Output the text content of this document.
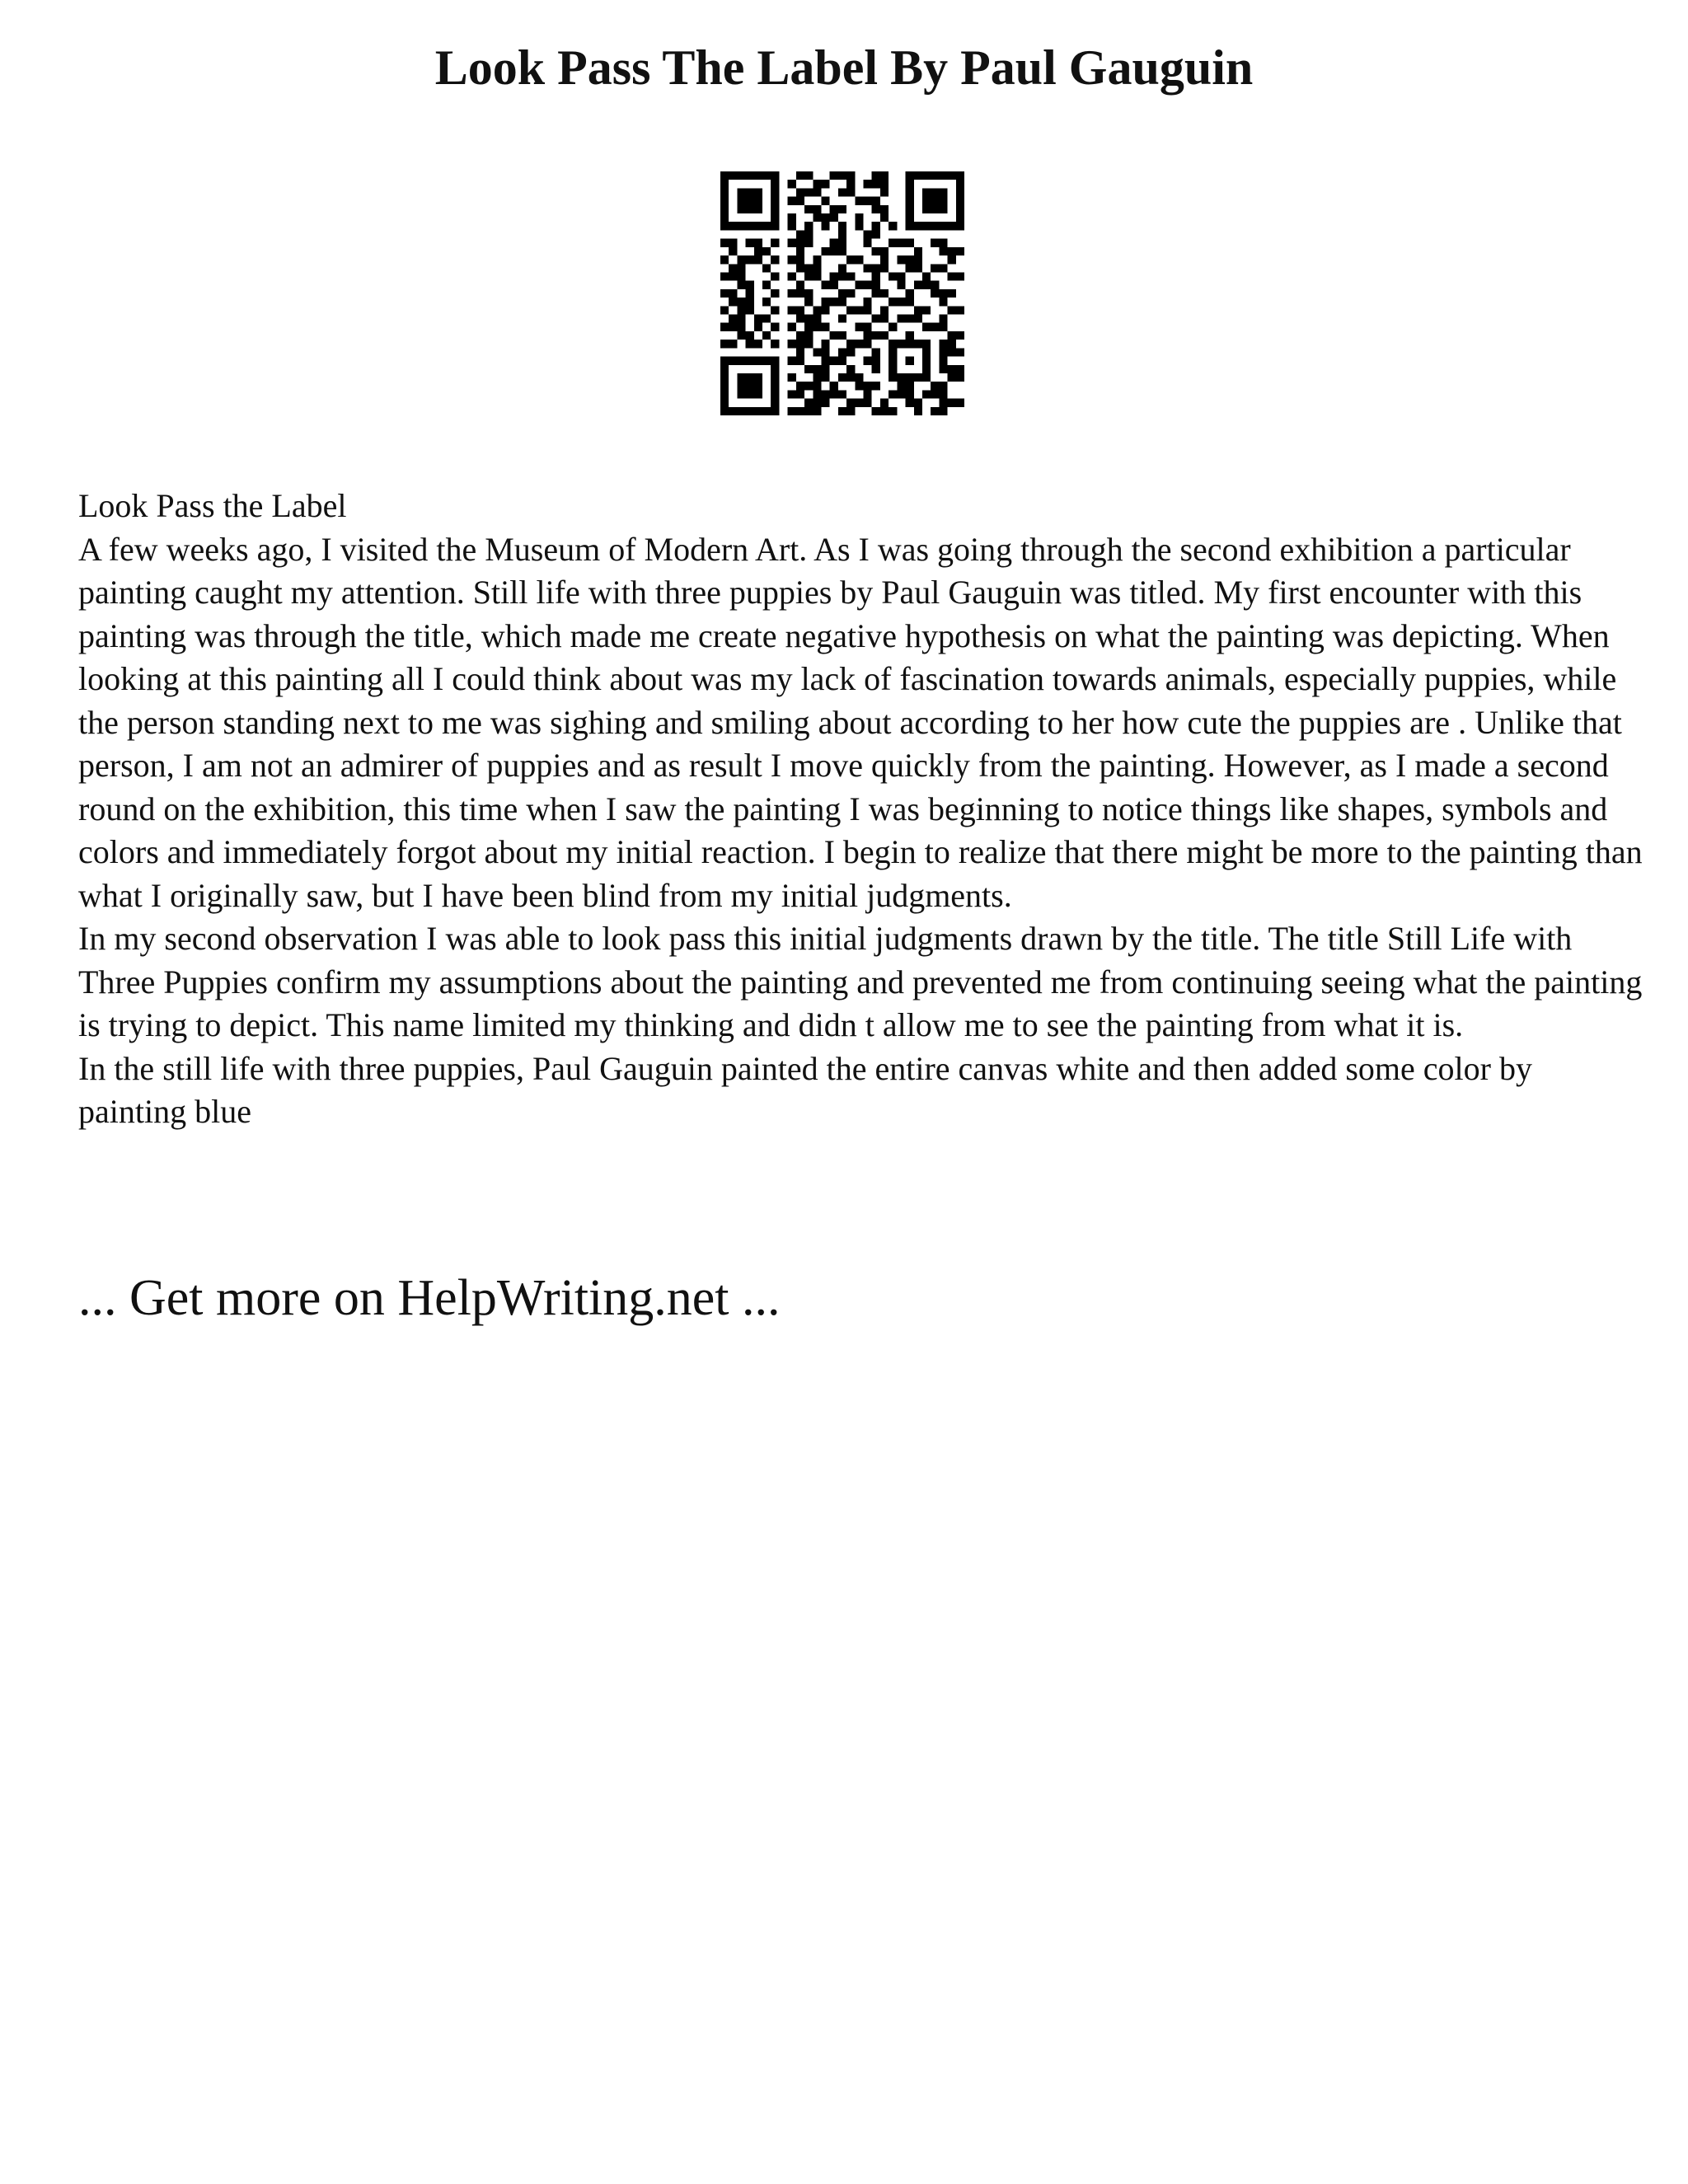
Look Pass The Label By Paul Gauguin

Look Pass the Label

A few weeks ago, I visited the Museum of Modern Art. As I was going through the second exhibition a particular painting caught my attention. Still life with three puppies by Paul Gauguin was titled. My first encounter with this painting was through the title, which made me create negative hypothesis on what the painting was depicting. When looking at this painting all I could think about was my lack of fascination towards animals, especially puppies, while the person standing next to me was sighing and smiling about according to her how cute the puppies are . Unlike that person, I am not an admirer of puppies and as result I move quickly from the painting. However, as I made a second round on the exhibition, this time when I saw the painting I was beginning to notice things like shapes, symbols and colors and immediately forgot about my initial reaction. I begin to realize that there might be more to the painting than what I originally saw, but I have been blind from my initial judgments.

In my second observation I was able to look pass this initial judgments drawn by the title. The title Still Life with Three Puppies confirm my assumptions about the painting and prevented me from continuing seeing what the painting is trying to depict. This name limited my thinking and didn t allow me to see the painting from what it is.

In the still life with three puppies, Paul Gauguin painted the entire canvas white and then added some color by painting blue

... Get more on HelpWriting.net ...
